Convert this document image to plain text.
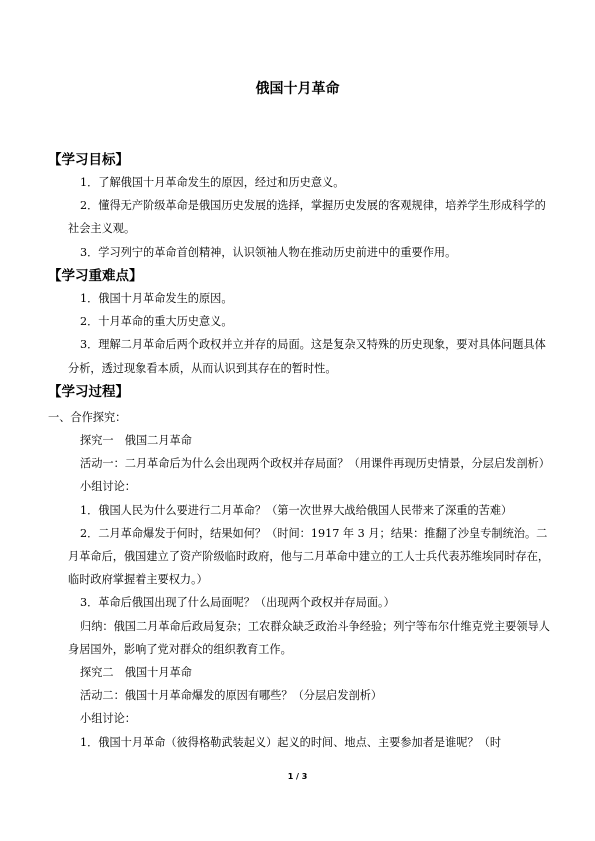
俄国十月革命
【学习目标】

1．了解俄国十月革命发生的原因，经过和历史意义。

2．懂得无产阶级革命是俄国历史发展的选择，掌握历史发展的客观规律，培养学生形成科学的社会主义观。

3．学习列宁的革命首创精神，认识领袖人物在推动历史前进中的重要作用。

【学习重难点】

1．俄国十月革命发生的原因。

2．十月革命的重大历史意义。

3．理解二月革命后两个政权并立并存的局面。这是复杂又特殊的历史现象，要对具体问题具体分析，透过现象看本质，从而认识到其存在的暂时性。

【学习过程】

一、合作探究：

探究一　俄国二月革命

活动一：二月革命后为什么会出现两个政权并存局面？（用课件再现历史情景，分层启发剖析）

小组讨论：

1．俄国人民为什么要进行二月革命？（第一次世界大战给俄国人民带来了深重的苦难）

2．二月革命爆发于何时，结果如何？（时间：1917 年 3 月；结果：推翻了沙皇专制统治。二月革命后，俄国建立了资产阶级临时政府，他与二月革命中建立的工人士兵代表苏维埃同时存在，临时政府掌握着主要权力。）

3．革命后俄国出现了什么局面呢？（出现两个政权并存局面。）

归纳：俄国二月革命后政局复杂；工农群众缺乏政治斗争经验；列宁等布尔什维克党主要领导人身居国外，影响了党对群众的组织教育工作。

探究二　俄国十月革命

活动二：俄国十月革命爆发的原因有哪些？（分层启发剖析）

小组讨论：

1．俄国十月革命（彼得格勒武装起义）起义的时间、地点、主要参加者是谁呢？（时

1 / 3
